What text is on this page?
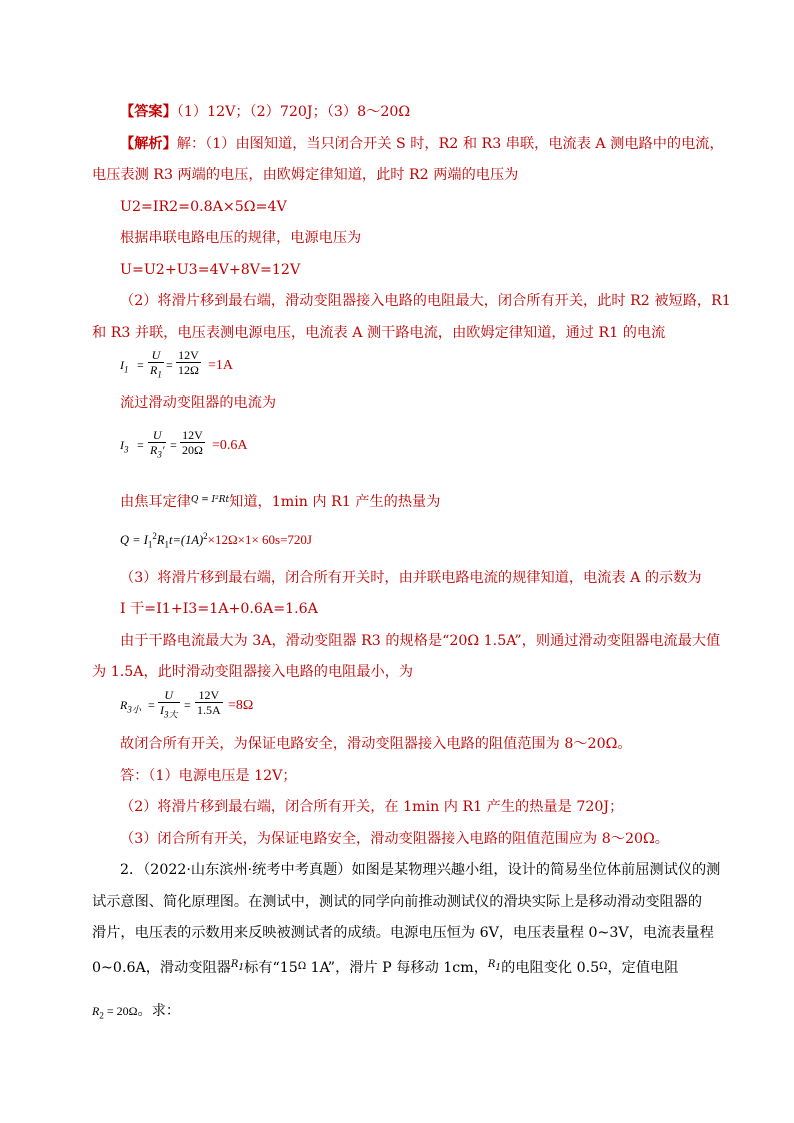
【答案】（1）12V；（2）720J；（3）8～20Ω
【解析】解：（1）由图知道，当只闭合开关 S 时，R2 和 R3 串联，电流表 A 测电路中的电流，
电压表测 R3 两端的电压，由欧姆定律知道，此时 R2 两端的电压为
U2=IR2=0.8A×5Ω=4V
根据串联电路电压的规律，电源电压为
U=U2+U3=4V+8V=12V
（2）将滑片移到最右端，滑动变阻器接入电路的电阻最大，闭合所有开关，此时 R2 被短路，R1
和 R3 并联，电压表测电源电压，电流表 A 测干路电流，由欧姆定律知道，通过 R1 的电流
$I_1$ =
U
$R_1$
=
12V
12Ω =1A
流过滑动变阻器的电流为
$I_3$ =
U
$R_3'$ =
12V
20Ω =0.6A
由焦耳定律$^{Q = I^2Rt}$知道，1min 内 R1 产生的热量为
$Q = I_1^2R_1t=(1A)^2\times 12\Omega\times 1\times 60s=720J$
（3）将滑片移到最右端，闭合所有开关时，由并联电路电流的规律知道，电流表 A 的示数为
I 干=I1+I3=1A+0.6A=1.6A
由于干路电流最大为 3A，滑动变阻器 R3 的规格是“20Ω 1.5A”，则通过滑动变阻器电流最大值
为 1.5A，此时滑动变阻器接入电路的电阻最小，为
$R_{3小}$ =
U
$I_{3大}$
=
12V
1.5A =8Ω
故闭合所有开关，为保证电路安全，滑动变阻器接入电路的阻值范围为 8～20Ω。
答：（1）电源电压是 12V；
（2）将滑片移到最右端，闭合所有开关，在 1min 内 R1 产生的热量是 720J；
（3）闭合所有开关，为保证电路安全，滑动变阻器接入电路的阻值范围应为 8～20Ω。
2．（2022·山东滨州·统考中考真题）如图是某物理兴趣小组，设计的简易坐位体前屈测试仪的测
试示意图、简化原理图。在测试中，测试的同学向前推动测试仪的滑块实际上是移动滑动变阻器的
滑片，电压表的示数用来反映被测试者的成绩。电源电压恒为 6V，电压表量程 0~3V，电流表量程
0~0.6A，滑动变阻器$^{R_1}$标有“$15^\Omega$ 1A”，滑片 P 每移动 1cm，$^{R_1}$的电阻变化 $0.5^\Omega$，定值电阻
$R_2 = 20\Omega$。求：
